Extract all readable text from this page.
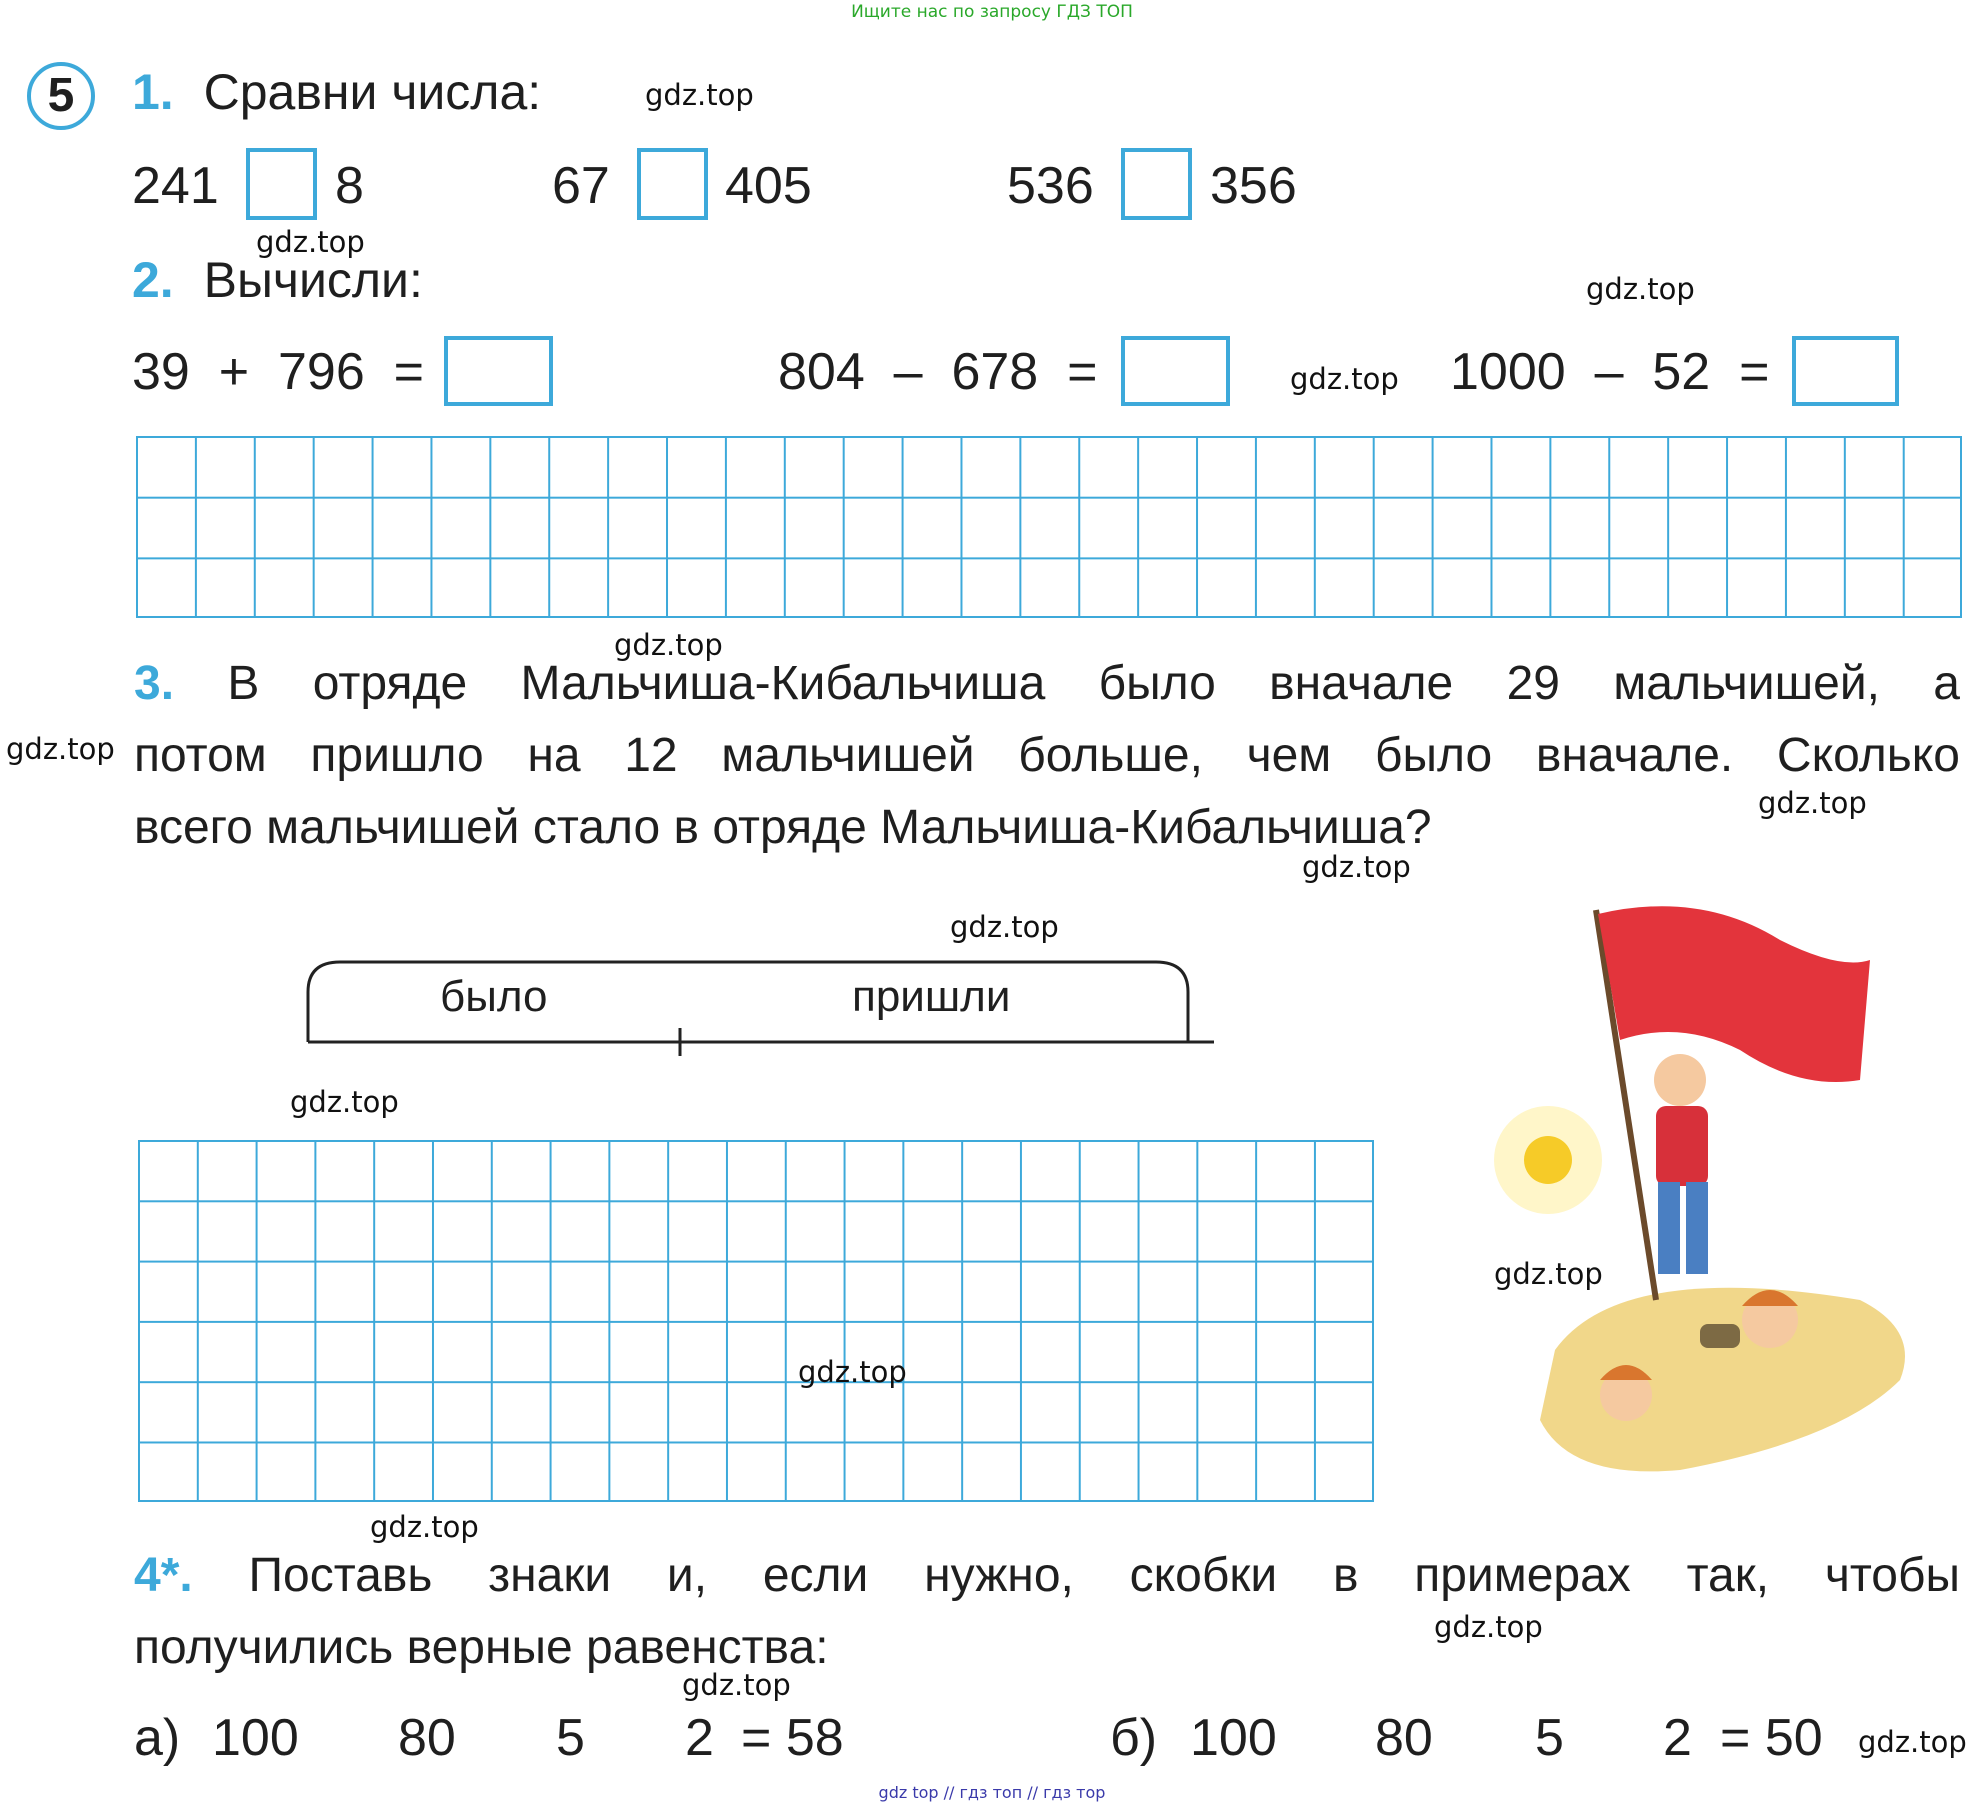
Ищите нас по запросу ГДЗ ТОП
gdz top // гдз топ // гдз тор

5	1. Сравни числа:
241 8	67 405	536 356
2. Вычисли:
39  +  796  =	804  –  678  =	1000  –  52  =
3. В отряде Мальчиша-Кибальчиша было вначале 29 мальчишей, а
потом пришло на 12 мальчишей больше, чем было вначале. Сколько
всего мальчишей стало в отряде Мальчиша-Кибальчиша?
было	пришли
4*. Поставь знаки и, если нужно, скобки в примерах так, чтобы
получились верные равенства:
а) 100 80 5 2 = 58	б) 100 80 5 2 = 50
gdz.top
gdz.top
gdz.top
gdz.top
gdz.top
gdz.top
gdz.top
gdz.top
gdz.top
gdz.top
gdz.top
gdz.top
gdz.top
gdz.top
gdz.top
gdz.top
